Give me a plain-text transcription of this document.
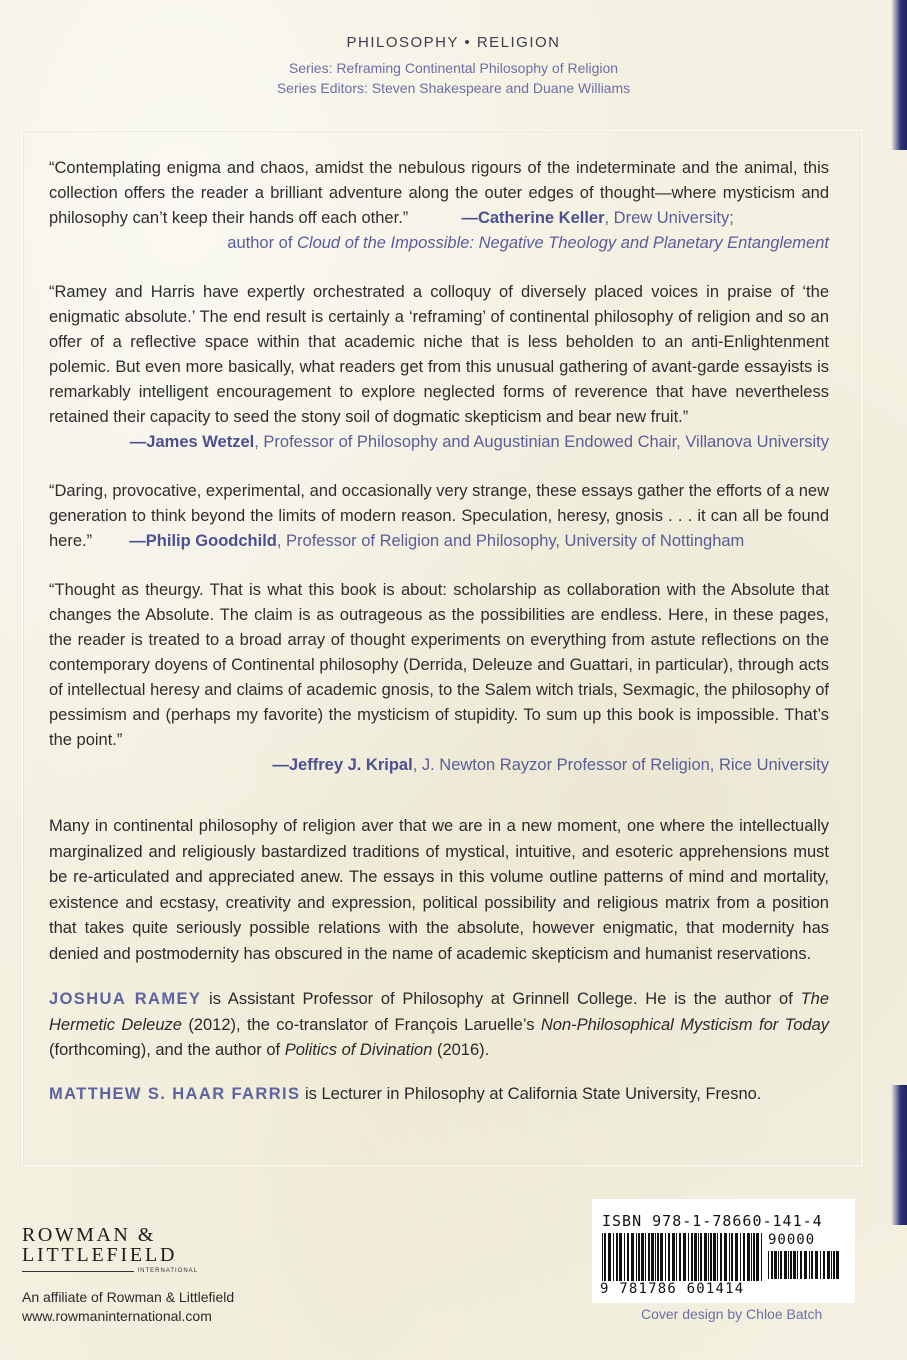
PHILOSOPHY • RELIGION
Series: Reframing Continental Philosophy of Religion
Series Editors: Steven Shakespeare and Duane Williams
“Contemplating enigma and chaos, amidst the nebulous rigours of the indeterminate and the animal, this collection offers the reader a brilliant adventure along the outer edges of thought—where mysticism and philosophy can’t keep their hands off each other.”	—Catherine Keller, Drew University;
author of Cloud of the Impossible: Negative Theology and Planetary Entanglement
“Ramey and Harris have expertly orchestrated a colloquy of diversely placed voices in praise of ‘the enigmatic absolute.’ The end result is certainly a ‘reframing’ of continental philosophy of religion and so an offer of a reflective space within that academic niche that is less beholden to an anti-Enlightenment polemic. But even more basically, what readers get from this unusual gathering of avant-garde essayists is remarkably intelligent encouragement to explore neglected forms of reverence that have nevertheless retained their capacity to seed the stony soil of dogmatic skepticism and bear new fruit.”
—James Wetzel, Professor of Philosophy and Augustinian Endowed Chair, Villanova University
“Daring, provocative, experimental, and occasionally very strange, these essays gather the efforts of a new generation to think beyond the limits of modern reason. Speculation, heresy, gnosis . . . it can all be found here.” —Philip Goodchild, Professor of Religion and Philosophy, University of Nottingham
“Thought as theurgy. That is what this book is about: scholarship as collaboration with the Absolute that changes the Absolute. The claim is as outrageous as the possibilities are endless. Here, in these pages, the reader is treated to a broad array of thought experiments on everything from astute reflections on the contemporary doyens of Continental philosophy (Derrida, Deleuze and Guattari, in particular), through acts of intellectual heresy and claims of academic gnosis, to the Salem witch trials, Sexmagic, the philosophy of pessimism and (perhaps my favorite) the mysticism of stupidity. To sum up this book is impossible. That’s the point.”
—Jeffrey J. Kripal, J. Newton Rayzor Professor of Religion, Rice University
Many in continental philosophy of religion aver that we are in a new moment, one where the intellectually marginalized and religiously bastardized traditions of mystical, intuitive, and esoteric apprehensions must be re-articulated and appreciated anew. The essays in this volume outline patterns of mind and mortality, existence and ecstasy, creativity and expression, political possibility and religious matrix from a position that takes quite seriously possible relations with the absolute, however enigmatic, that modernity has denied and postmodernity has obscured in the name of academic skepticism and humanist reservations.
JOSHUA RAMEY is Assistant Professor of Philosophy at Grinnell College. He is the author of The Hermetic Deleuze (2012), the co-translator of François Laruelle’s Non-Philosophical Mysticism for Today (forthcoming), and the author of Politics of Divination (2016).
MATTHEW S. HAAR FARRIS is Lecturer in Philosophy at California State University, Fresno.
ROWMAN &
LITTLEFIELD
INTERNATIONAL
An affiliate of Rowman & Littlefield
www.rowmaninternational.com
ISBN 978-1-78660-141-4
90000
9 781786 601414
Cover design by Chloe Batch
